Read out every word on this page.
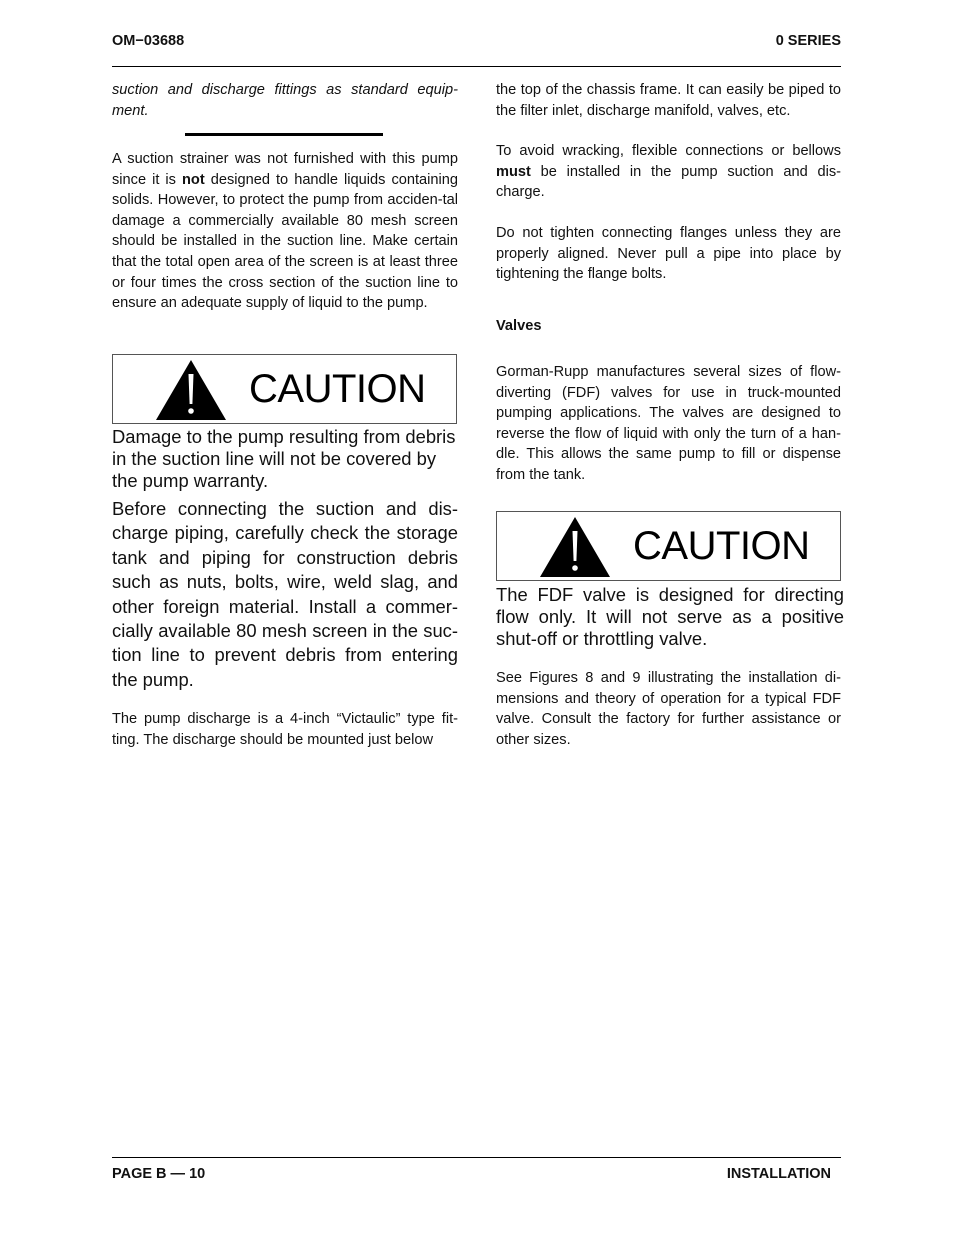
OM−03688	0 SERIES
suction and discharge fittings as standard equip-ment.

A suction strainer was not furnished with this pump since it is not designed to handle liquids containing solids. However, to protect the pump from acciden-tal damage a commercially available 80 mesh screen should be installed in the suction line. Make certain that the total open area of the screen is at least three or four times the cross section of the suction line to ensure an adequate supply of liquid to the pump.

CAUTION
Damage to the pump resulting from debris in the suction line will not be covered by the pump warranty.
Before connecting the suction and dis-charge piping, carefully check the storage tank and piping for construction debris such as nuts, bolts, wire, weld slag, and other foreign material. Install a commer-cially available 80 mesh screen in the suc-tion line to prevent debris from entering the pump.
The pump discharge is a 4-inch “Victaulic” type fit-ting. The discharge should be mounted just below
the top of the chassis frame. It can easily be piped to the filter inlet, discharge manifold, valves, etc.

To avoid wracking, flexible connections or bellows must be installed in the pump suction and dis-charge.

Do not tighten connecting flanges unless they are properly aligned. Never pull a pipe into place by tightening the flange bolts.
Valves
Gorman-Rupp manufactures several sizes of flow-diverting (FDF) valves for use in truck-mounted pumping applications. The valves are designed to reverse the flow of liquid with only the turn of a han-dle. This allows the same pump to fill or dispense from the tank.
CAUTION
The FDF valve is designed for directing flow only. It will not serve as a positive shut-off or throttling valve.
See Figures 8 and 9 illustrating the installation di-mensions and theory of operation for a typical FDF valve. Consult the factory for further assistance or other sizes.
PAGE B — 10	INSTALLATION
